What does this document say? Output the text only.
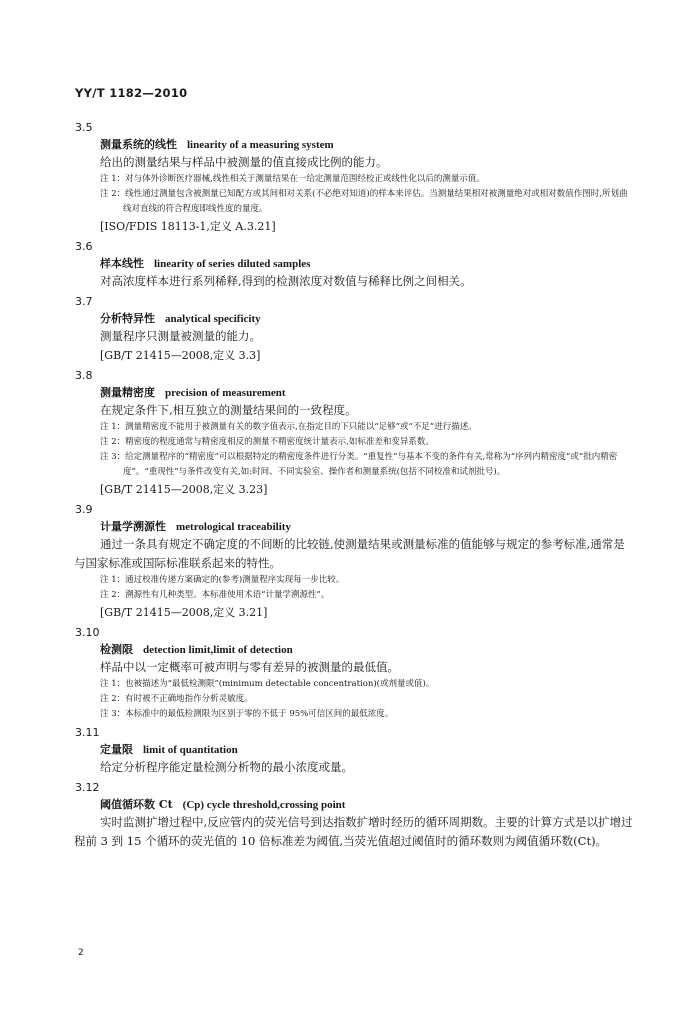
YY/T 1182—2010
3.5
测量系统的线性 linearity of a measuring system
给出的测量结果与样品中被测量的值直接成比例的能力。
注 1：对与体外诊断医疗器械,线性相关于测量结果在一给定测量范围经校正或线性化以后的测量示值。
注 2：线性通过测量包含被测量已知配方或其间相对关系(不必绝对知道)的样本来评估。当测量结果相对被测量绝对或相对数值作图时,所划曲线对直线的符合程度即线性度的量度。
[ISO/FDIS 18113-1,定义 A.3.21]
3.6
样本线性 linearity of series diluted samples
对高浓度样本进行系列稀释,得到的检测浓度对数值与稀释比例之间相关。
3.7
分析特异性 analytical specificity
测量程序只测量被测量的能力。
[GB/T 21415—2008,定义 3.3]
3.8
测量精密度 precision of measurement
在规定条件下,相互独立的测量结果间的一致程度。
注 1：测量精密度不能用于被测量有关的数字值表示,在指定目的下只能以“足够”或“不足”进行描述。
注 2：精密度的程度通常与精密度相反的测量不精密度统计量表示,如标准差和变异系数。
注 3：给定测量程序的“精密度”可以根据特定的精密度条件进行分类。“重复性”与基本不变的条件有关,常称为“序列内精密度”或“批内精密度”。“重现性”与条件改变有关,如:时间、不同实验室、操作者和测量系统(包括不同校准和试剂批号)。
[GB/T 21415—2008,定义 3.23]
3.9
计量学溯源性 metrological traceability
通过一条具有规定不确定度的不间断的比较链,使测量结果或测量标准的值能够与规定的参考标准,通常是与国家标准或国际标准联系起来的特性。
注 1：通过校准传递方案确定的(参考)测量程序实现每一步比较。
注 2：溯源性有几种类型。本标准使用术语“计量学溯源性”。
[GB/T 21415—2008,定义 3.21]
3.10
检测限 detection limit,limit of detection
样品中以一定概率可被声明与零有差异的被测量的最低值。
注 1：也被描述为“最低检测限”(minimum detectable concentration)(或剂量或值)。
注 2：有时被不正确地指作分析灵敏度。
注 3：本标准中的最低检测限为区别于零的不低于 95%可信区间的最低浓度。
3.11
定量限 limit of quantitation
给定分析程序能定量检测分析物的最小浓度或量。
3.12
阈值循环数 Ct (Cp) cycle threshold,crossing point
实时监测扩增过程中,反应管内的荧光信号到达指数扩增时经历的循环周期数。主要的计算方式是以扩增过程前 3 到 15 个循环的荧光值的 10 倍标准差为阈值,当荧光值超过阈值时的循环数则为阈值循环数(Ct)。
2
